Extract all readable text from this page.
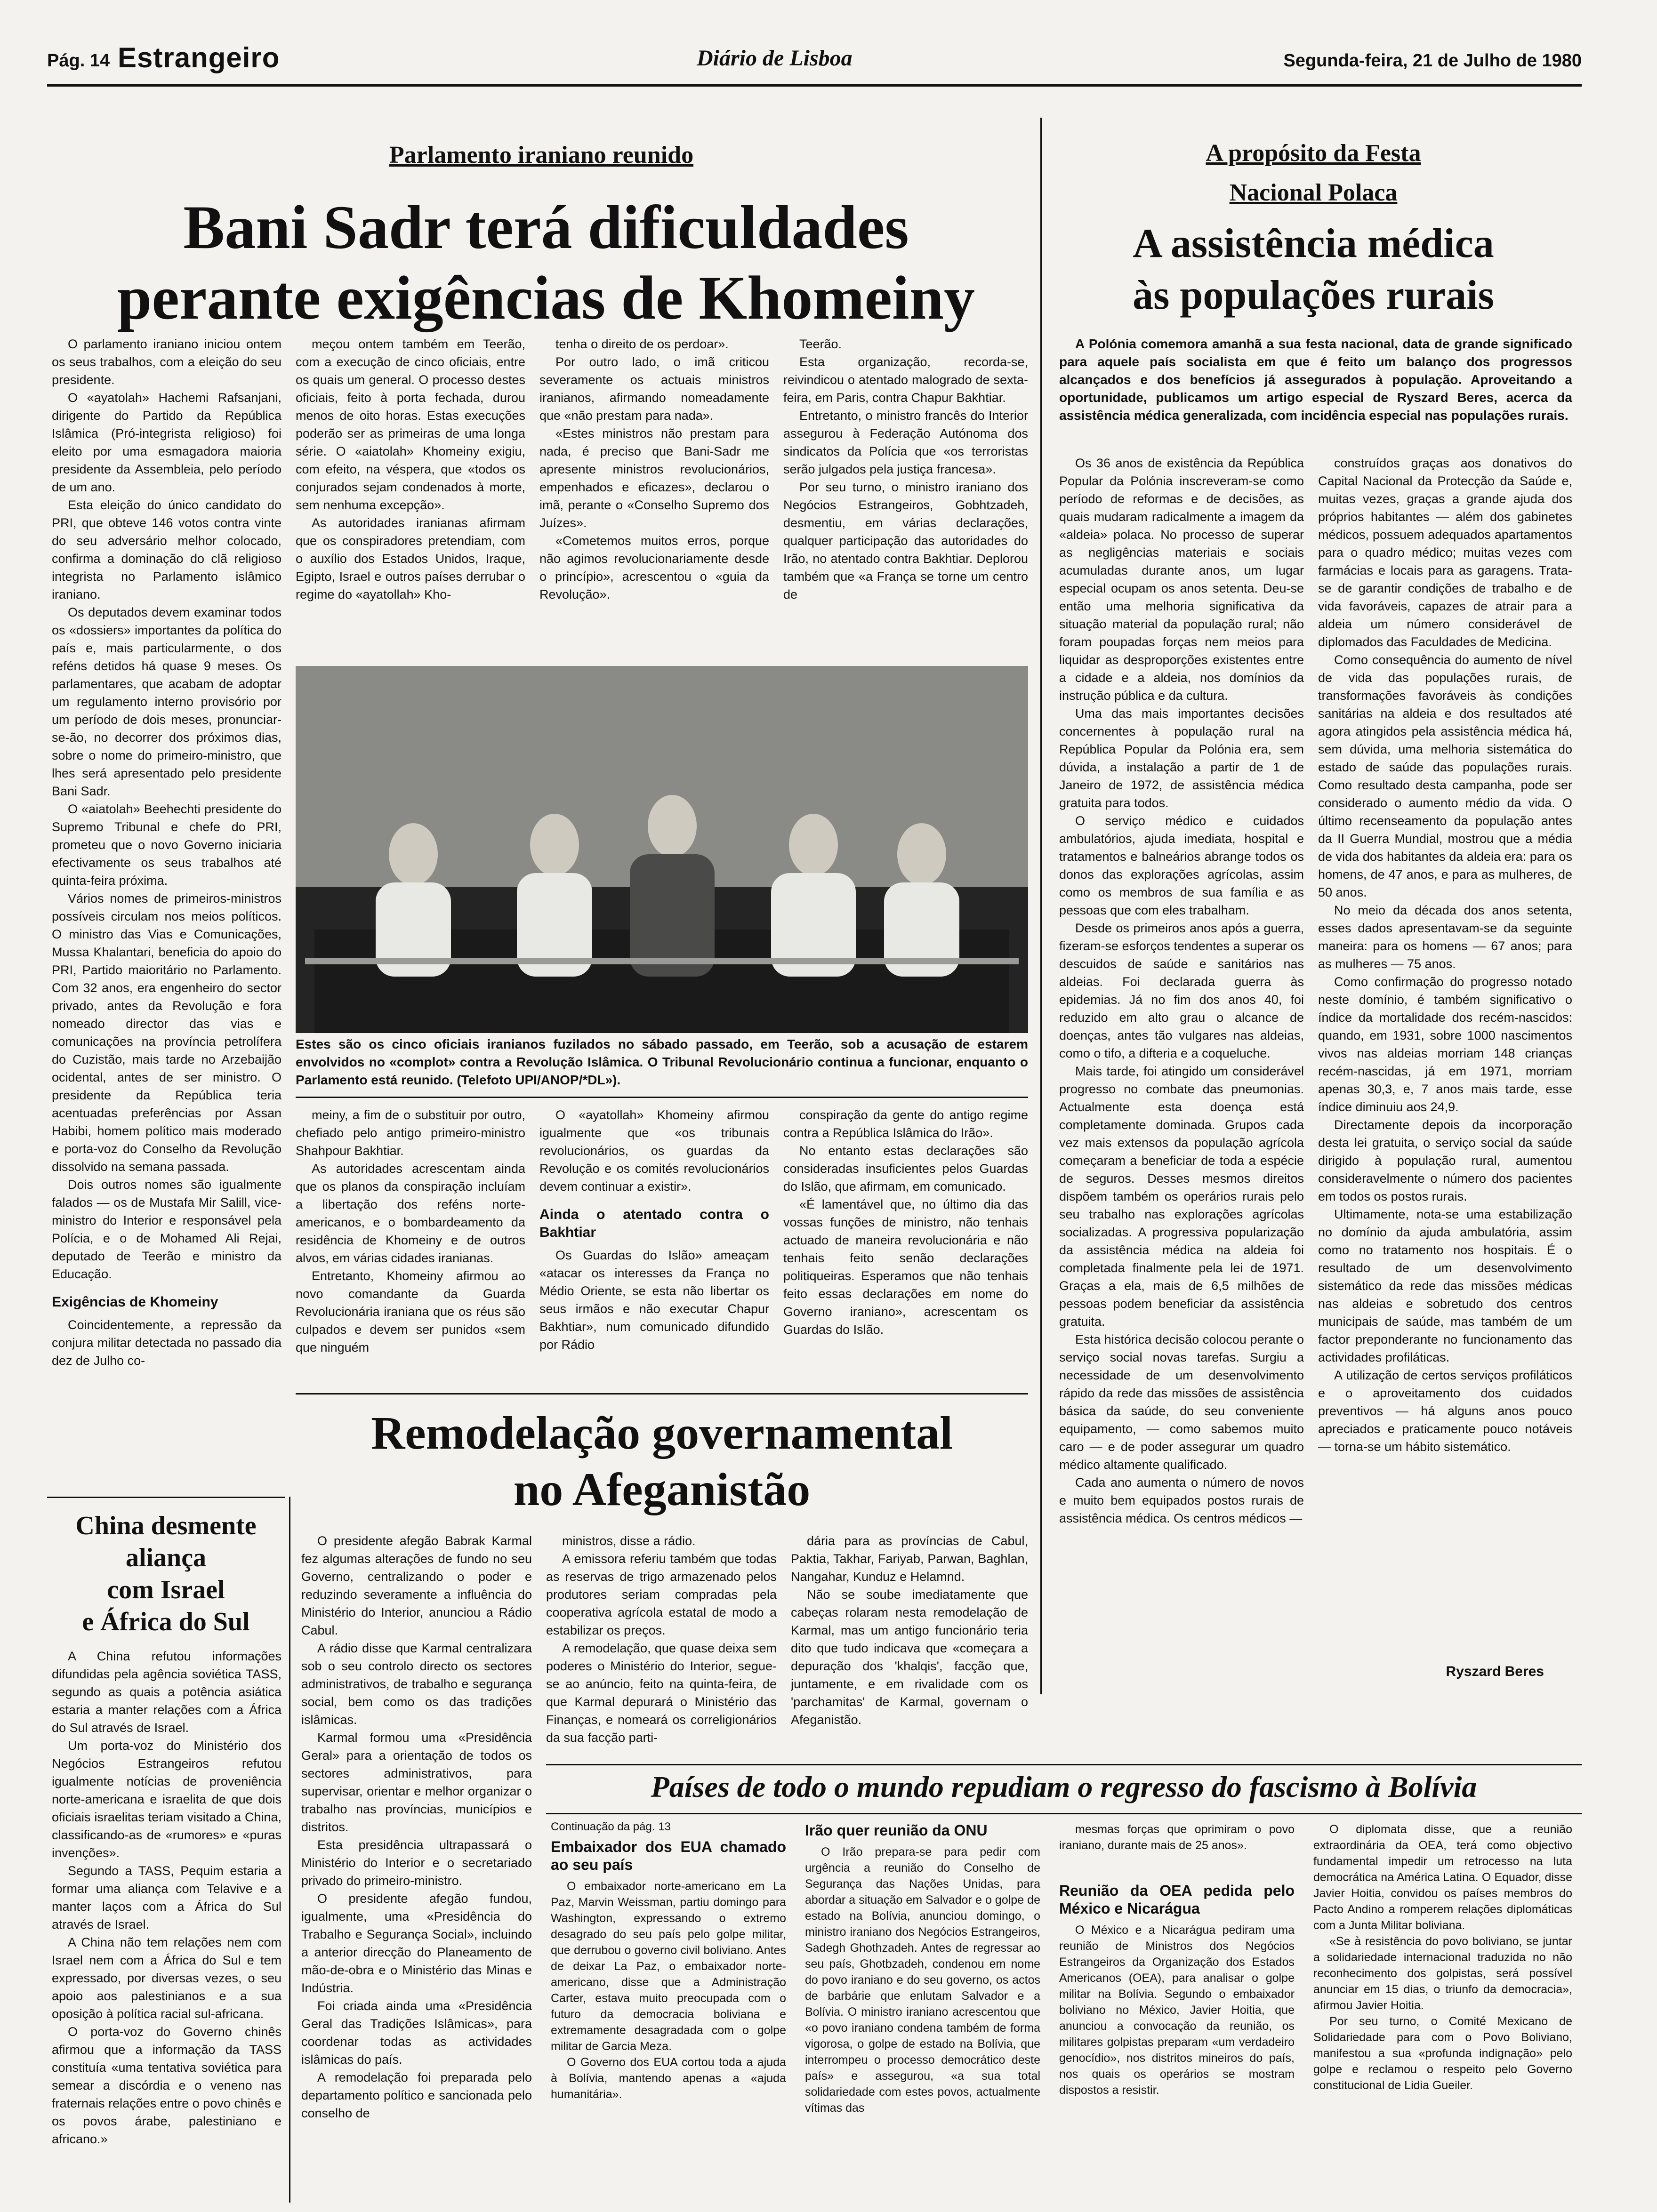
Pág. 14 Estrangeiro	Diário de Lisboa	Segunda-feira, 21 de Julho de 1980
Parlamento iraniano reunido
Bani Sadr terá dificuldades
perante exigências de Khomeiny

O parlamento iraniano iniciou ontem os seus trabalhos, com a eleição do seu presidente.

O «ayatolah» Hachemi Rafsanjani, dirigente do Partido da República Islâmica (Pró-integrista religioso) foi eleito por uma esmagadora maioria presidente da Assembleia, pelo período de um ano.

Esta eleição do único candidato do PRI, que obteve 146 votos contra vinte do seu adversário melhor colocado, confirma a dominação do clã religioso integrista no Parlamento islâmico iraniano.

Os deputados devem examinar todos os «dossiers» importantes da política do país e, mais particularmente, o dos reféns detidos há quase 9 meses. Os parlamentares, que acabam de adoptar um regulamento interno provisório por um período de dois meses, pronunciar-se-ão, no decorrer dos próximos dias, sobre o nome do primeiro-ministro, que lhes será apresentado pelo presidente Bani Sadr.

O «aiatolah» Beehechti presidente do Supremo Tribunal e chefe do PRI, prometeu que o novo Governo iniciaria efectivamente os seus trabalhos até quinta-feira próxima.

Vários nomes de primeiros-ministros possíveis circulam nos meios políticos. O ministro das Vias e Comunicações, Mussa Khalantari, beneficia do apoio do PRI, Partido maioritário no Parlamento. Com 32 anos, era engenheiro do sector privado, antes da Revolução e fora nomeado director das vias e comunicações na província petrolífera do Cuzistão, mais tarde no Arzebaijão ocidental, antes de ser ministro. O presidente da República teria acentuadas preferências por Assan Habibi, homem político mais moderado e porta-voz do Conselho da Revolução dissolvido na semana passada.

Dois outros nomes são igualmente falados — os de Mustafa Mir Salill, vice-ministro do Interior e responsável pela Polícia, e o de Mohamed Ali Rejai, deputado de Teerão e ministro da Educação.

Exigências de Khomeiny

Coincidentemente, a repressão da conjura militar detectada no passado dia dez de Julho co-

meçou ontem também em Teerão, com a execução de cinco oficiais, entre os quais um general. O processo destes oficiais, feito à porta fechada, durou menos de oito horas. Estas execuções poderão ser as primeiras de uma longa série. O «aiatolah» Khomeiny exigiu, com efeito, na véspera, que «todos os conjurados sejam condenados à morte, sem nenhuma excepção».

As autoridades iranianas afirmam que os conspiradores pretendiam, com o auxílio dos Estados Unidos, Iraque, Egipto, Israel e outros países derrubar o regime do «ayatollah» Kho-

tenha o direito de os perdoar».

Por outro lado, o imã criticou severamente os actuais ministros iranianos, afirmando nomeadamente que «não prestam para nada».

«Estes ministros não prestam para nada, é preciso que Bani-Sadr me apresente ministros revolucionários, empenhados e eficazes», declarou o imã, perante o «Conselho Supremo dos Juízes».

«Cometemos muitos erros, porque não agimos revolucionariamente desde o princípio», acrescentou o «guia da Revolução».

Teerão.

Esta organização, recorda-se, reivindicou o atentado malogrado de sexta-feira, em Paris, contra Chapur Bakhtiar.

Entretanto, o ministro francês do Interior assegurou à Federação Autónoma dos sindicatos da Polícia que «os terroristas serão julgados pela justiça francesa».

Por seu turno, o ministro iraniano dos Negócios Estrangeiros, Gobhtzadeh, desmentiu, em várias declarações, qualquer participação das autoridades do Irão, no atentado contra Bakhtiar. Deplorou também que «a França se torne um centro de

Estes são os cinco oficiais iranianos fuzilados no sábado passado, em Teerão, sob a acusação de estarem envolvidos no «complot» contra a Revolução Islâmica. O Tribunal Revolucionário continua a funcionar, enquanto o Parlamento está reunido. (Telefoto UPI/ANOP/*DL»).

meiny, a fim de o substituir por outro, chefiado pelo antigo primeiro-ministro Shahpour Bakhtiar.

As autoridades acrescentam ainda que os planos da conspiração incluíam a libertação dos reféns norte-americanos, e o bombardeamento da residência de Khomeiny e de outros alvos, em várias cidades iranianas.

Entretanto, Khomeiny afirmou ao novo comandante da Guarda Revolucionária iraniana que os réus são culpados e devem ser punidos «sem que ninguém

O «ayatollah» Khomeiny afirmou igualmente que «os tribunais revolucionários, os guardas da Revolução e os comités revolucionários devem continuar a existir».

Ainda o atentado contra o Bakhtiar

Os Guardas do Islão» ameaçam «atacar os interesses da França no Médio Oriente, se esta não libertar os seus irmãos e não executar Chapur Bakhtiar», num comunicado difundido por Rádio

conspiração da gente do antigo regime contra a República Islâmica do Irão».

No entanto estas declarações são consideradas insuficientes pelos Guardas do Islão, que afirmam, em comunicado.

«É lamentável que, no último dia das vossas funções de ministro, não tenhais actuado de maneira revolucionária e não tenhais feito senão declarações politiqueiras. Esperamos que não tenhais feito essas declarações em nome do Governo iraniano», acrescentam os Guardas do Islão.

A propósito da Festa
Nacional Polaca
A assistência médica
às populações rurais
A Polónia comemora amanhã a sua festa nacional, data de grande significado para aquele país socialista em que é feito um balanço dos progressos alcançados e dos benefícios já assegurados à população. Aproveitando a oportunidade, publicamos um artigo especial de Ryszard Beres, acerca da assistência médica generalizada, com incidência especial nas populações rurais.

Os 36 anos de existência da República Popular da Polónia inscreveram-se como período de reformas e de decisões, as quais mudaram radicalmente a imagem da «aldeia» polaca. No processo de superar as negligências materiais e sociais acumuladas durante anos, um lugar especial ocupam os anos setenta. Deu-se então uma melhoria significativa da situação material da população rural; não foram poupadas forças nem meios para liquidar as desproporções existentes entre a cidade e a aldeia, nos domínios da instrução pública e da cultura.

Uma das mais importantes decisões concernentes à população rural na República Popular da Polónia era, sem dúvida, a instalação a partir de 1 de Janeiro de 1972, de assistência médica gratuita para todos.

O serviço médico e cuidados ambulatórios, ajuda imediata, hospital e tratamentos e balneários abrange todos os donos das explorações agrícolas, assim como os membros de sua família e as pessoas que com eles trabalham.

Desde os primeiros anos após a guerra, fizeram-se esforços tendentes a superar os descuidos de saúde e sanitários nas aldeias. Foi declarada guerra às epidemias. Já no fim dos anos 40, foi reduzido em alto grau o alcance de doenças, antes tão vulgares nas aldeias, como o tifo, a difteria e a coqueluche.

Mais tarde, foi atingido um considerável progresso no combate das pneumonias. Actualmente esta doença está completamente dominada. Grupos cada vez mais extensos da população agrícola começaram a beneficiar de toda a espécie de seguros. Desses mesmos direitos dispõem também os operários rurais pelo seu trabalho nas explorações agrícolas socializadas. A progressiva popularização da assistência médica na aldeia foi completada finalmente pela lei de 1971. Graças a ela, mais de 6,5 milhões de pessoas podem beneficiar da assistência gratuita.

Esta histórica decisão colocou perante o serviço social novas tarefas. Surgiu a necessidade de um desenvolvimento rápido da rede das missões de assistência básica da saúde, do seu conveniente equipamento, — como sabemos muito caro — e de poder assegurar um quadro médico altamente qualificado.

Cada ano aumenta o número de novos e muito bem equipados postos rurais de assistência médica. Os centros médicos —

construídos graças aos donativos do Capital Nacional da Protecção da Saúde e, muitas vezes, graças a grande ajuda dos próprios habitantes — além dos gabinetes médicos, possuem adequados apartamentos para o quadro médico; muitas vezes com farmácias e locais para as garagens. Trata-se de garantir condições de trabalho e de vida favoráveis, capazes de atrair para a aldeia um número considerável de diplomados das Faculdades de Medicina.

Como consequência do aumento de nível de vida das populações rurais, de transformações favoráveis às condições sanitárias na aldeia e dos resultados até agora atingidos pela assistência médica há, sem dúvida, uma melhoria sistemática do estado de saúde das populações rurais. Como resultado desta campanha, pode ser considerado o aumento médio da vida. O último recenseamento da população antes da II Guerra Mundial, mostrou que a média de vida dos habitantes da aldeia era: para os homens, de 47 anos, e para as mulheres, de 50 anos.

No meio da década dos anos setenta, esses dados apresentavam-se da seguinte maneira: para os homens — 67 anos; para as mulheres — 75 anos.

Como confirmação do progresso notado neste domínio, é também significativo o índice da mortalidade dos recém-nascidos: quando, em 1931, sobre 1000 nascimentos vivos nas aldeias morriam 148 crianças recém-nascidas, já em 1971, morriam apenas 30,3, e, 7 anos mais tarde, esse índice diminuiu aos 24,9.

Directamente depois da incorporação desta lei gratuita, o serviço social da saúde dirigido à população rural, aumentou consideravelmente o número dos pacientes em todos os postos rurais.

Ultimamente, nota-se uma estabilização no domínio da ajuda ambulatória, assim como no tratamento nos hospitais. É o resultado de um desenvolvimento sistemático da rede das missões médicas nas aldeias e sobretudo dos centros municipais de saúde, mas também de um factor preponderante no funcionamento das actividades profiláticas.

A utilização de certos serviços profiláticos e o aproveitamento dos cuidados preventivos — há alguns anos pouco apreciados e praticamente pouco notáveis — torna-se um hábito sistemático.

Ryszard Beres
China desmente
aliança
com Israel
e África do Sul

A China refutou informações difundidas pela agência soviética TASS, segundo as quais a potência asiática estaria a manter relações com a África do Sul através de Israel.

Um porta-voz do Ministério dos Negócios Estrangeiros refutou igualmente notícias de proveniência norte-americana e israelita de que dois oficiais israelitas teriam visitado a China, classificando-as de «rumores» e «puras invenções».

Segundo a TASS, Pequim estaria a formar uma aliança com Telavive e a manter laços com a África do Sul através de Israel.

A China não tem relações nem com Israel nem com a África do Sul e tem expressado, por diversas vezes, o seu apoio aos palestinianos e a sua oposição à política racial sul-africana.

O porta-voz do Governo chinês afirmou que a informação da TASS constituía «uma tentativa soviética para semear a discórdia e o veneno nas fraternais relações entre o povo chinês e os povos árabe, palestiniano e africano.»

Remodelação governamental
no Afeganistão

O presidente afegão Babrak Karmal fez algumas alterações de fundo no seu Governo, centralizando o poder e reduzindo severamente a influência do Ministério do Interior, anunciou a Rádio Cabul.

A rádio disse que Karmal centralizara sob o seu controlo directo os sectores administrativos, de trabalho e segurança social, bem como os das tradições islâmicas.

Karmal formou uma «Presidência Geral» para a orientação de todos os sectores administrativos, para supervisar, orientar e melhor organizar o trabalho nas províncias, municípios e distritos.

Esta presidência ultrapassará o Ministério do Interior e o secretariado privado do primeiro-ministro.

O presidente afegão fundou, igualmente, uma «Presidência do Trabalho e Segurança Social», incluindo a anterior direcção do Planeamento de mão-de-obra e o Ministério das Minas e Indústria.

Foi criada ainda uma «Presidência Geral das Tradições Islâmicas», para coordenar todas as actividades islâmicas do país.

A remodelação foi preparada pelo departamento político e sancionada pelo conselho de

ministros, disse a rádio.

A emissora referiu também que todas as reservas de trigo armazenado pelos produtores seriam compradas pela cooperativa agrícola estatal de modo a estabilizar os preços.

A remodelação, que quase deixa sem poderes o Ministério do Interior, segue-se ao anúncio, feito na quinta-feira, de que Karmal depurará o Ministério das Finanças, e nomeará os correligionários da sua facção parti-

dária para as províncias de Cabul, Paktia, Takhar, Fariyab, Parwan, Baghlan, Nangahar, Kunduz e Helamnd.

Não se soube imediatamente que cabeças rolaram nesta remodelação de Karmal, mas um antigo funcionário teria dito que tudo indicava que «começara a depuração dos 'khalqis', facção que, juntamente, e em rivalidade com os 'parchamitas' de Karmal, governam o Afeganistão.

Países de todo o mundo repudiam o regresso do fascismo à Bolívia
Continuação da pág. 13
Embaixador dos EUA chamado ao seu país

O embaixador norte-americano em La Paz, Marvin Weissman, partiu domingo para Washington, expressando o extremo desagrado do seu país pelo golpe militar, que derrubou o governo civil boliviano. Antes de deixar La Paz, o embaixador norte-americano, disse que a Administração Carter, estava muito preocupada com o futuro da democracia boliviana e extremamente desagradada com o golpe militar de Garcia Meza.

O Governo dos EUA cortou toda a ajuda à Bolívia, mantendo apenas a «ajuda humanitária».

Irão quer reunião da ONU

O Irão prepara-se para pedir com urgência a reunião do Conselho de Segurança das Nações Unidas, para abordar a situação em Salvador e o golpe de estado na Bolívia, anunciou domingo, o ministro iraniano dos Negócios Estrangeiros, Sadegh Ghothzadeh. Antes de regressar ao seu país, Ghotbzadeh, condenou em nome do povo iraniano e do seu governo, os actos de barbárie que enlutam Salvador e a Bolívia. O ministro iraniano acrescentou que «o povo iraniano condena também de forma vigorosa, o golpe de estado na Bolívia, que interrompeu o processo democrático deste país» e assegurou, «a sua total solidariedade com estes povos, actualmente vítimas das

mesmas forças que oprimiram o povo iraniano, durante mais de 25 anos».

Reunião da OEA pedida pelo México e Nicarágua

O México e a Nicarágua pediram uma reunião de Ministros dos Negócios Estrangeiros da Organização dos Estados Americanos (OEA), para analisar o golpe militar na Bolívia. Segundo o embaixador boliviano no México, Javier Hoitia, que anunciou a convocação da reunião, os militares golpistas preparam «um verdadeiro genocídio», nos distritos mineiros do país, nos quais os operários se mostram dispostos a resistir.

O diplomata disse, que a reunião extraordinária da OEA, terá como objectivo fundamental impedir um retrocesso na luta democrática na América Latina. O Equador, disse Javier Hoitia, convidou os países membros do Pacto Andino a romperem relações diplomáticas com a Junta Militar boliviana.

«Se à resistência do povo boliviano, se juntar a solidariedade internacional traduzida no não reconhecimento dos golpistas, será possível anunciar em 15 dias, o triunfo da democracia», afirmou Javier Hoitia.

Por seu turno, o Comité Mexicano de Solidariedade para com o Povo Boliviano, manifestou a sua «profunda indignação» pelo golpe e reclamou o respeito pelo Governo constitucional de Lidia Gueiler.
